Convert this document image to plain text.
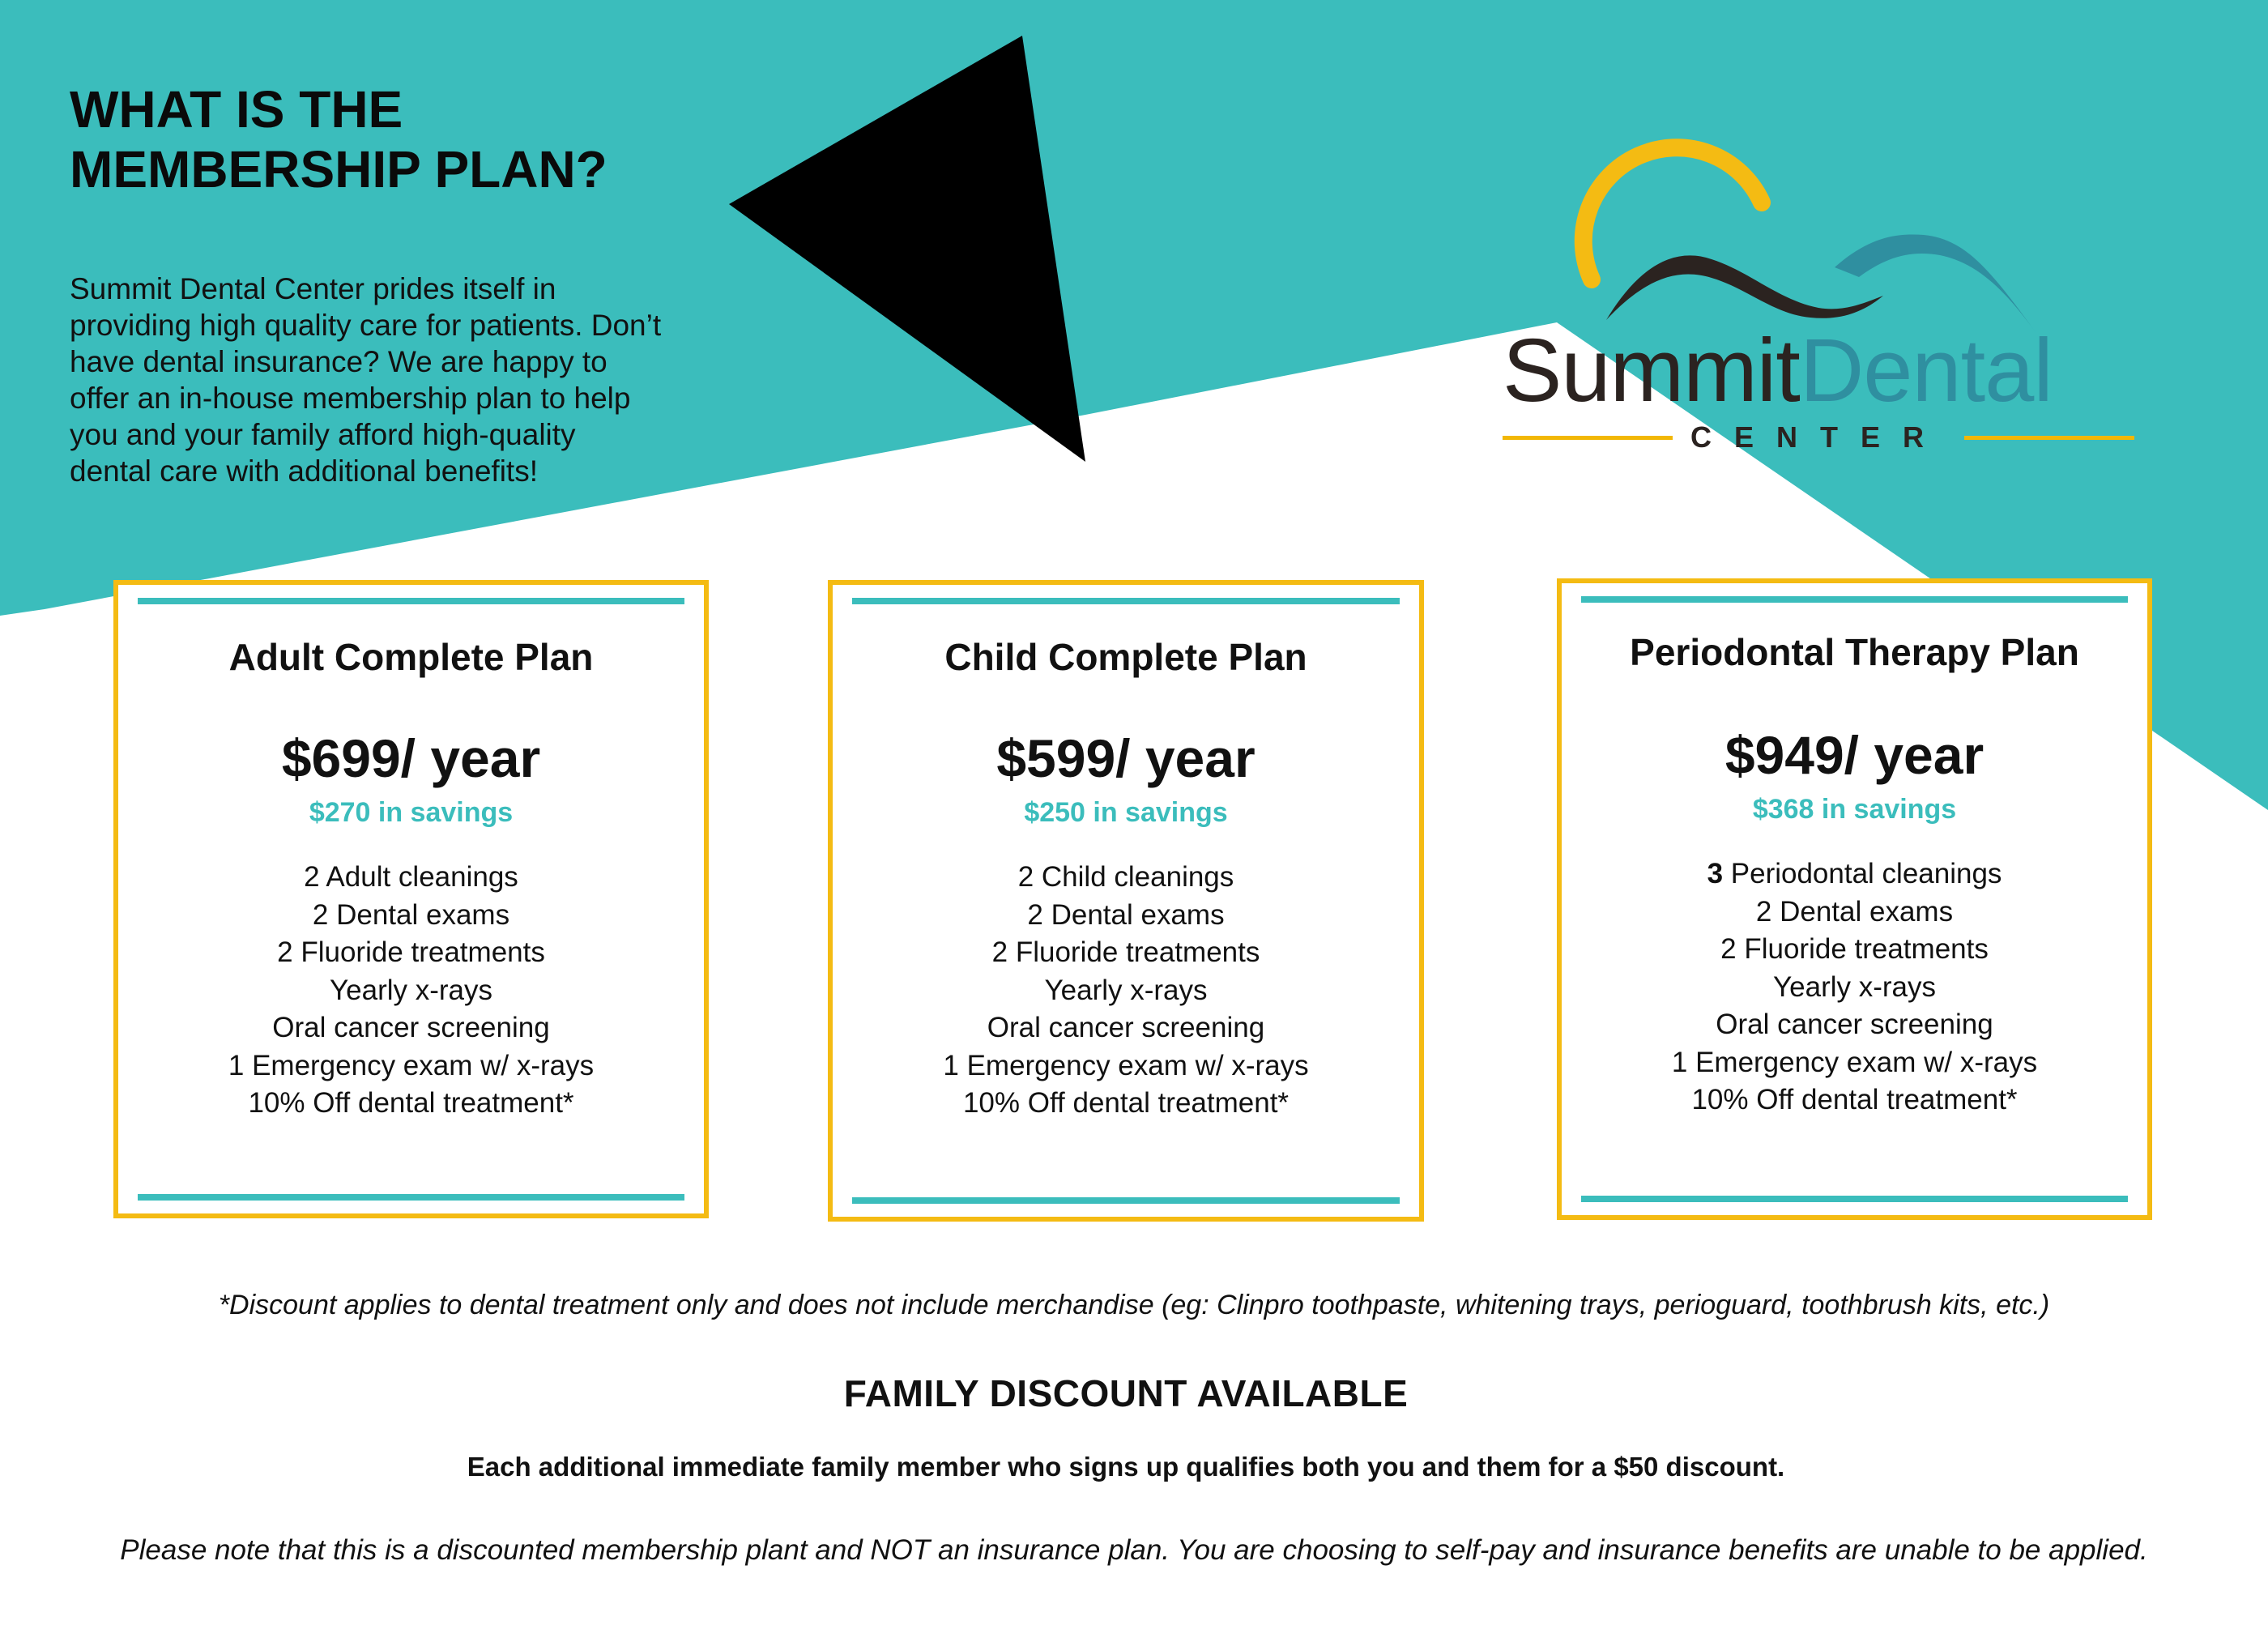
WHAT IS THE
MEMBERSHIP PLAN?

Summit Dental Center prides itself in
providing high quality care for patients. Don’t
have dental insurance? We are happy to
offer an in-house membership plan to help
you and your family afford high-quality
dental care with additional benefits!

SummitDental
CENTER
Adult Complete Plan
$699/ year
$270 in savings
2 Adult cleanings
2 Dental exams
2 Fluoride treatments
Yearly x-rays
Oral cancer screening
1 Emergency exam w/ x-rays
10% Off dental treatment*
Child Complete Plan
$599/ year
$250 in savings
2 Child cleanings
2 Dental exams
2 Fluoride treatments
Yearly x-rays
Oral cancer screening
1 Emergency exam w/ x-rays
10% Off dental treatment*
Periodontal Therapy Plan
$949/ year
$368 in savings
3 Periodontal cleanings
2 Dental exams
2 Fluoride treatments
Yearly x-rays
Oral cancer screening
1 Emergency exam w/ x-rays
10% Off dental treatment*
*Discount applies to dental treatment only and does not include merchandise (eg: Clinpro toothpaste, whitening trays, perioguard, toothbrush kits, etc.)
FAMILY DISCOUNT AVAILABLE
Each additional immediate family member who signs up qualifies both you and them for a $50 discount.
Please note that this is a discounted membership plant and NOT an insurance plan. You are choosing to self-pay and insurance benefits are unable to be applied.
